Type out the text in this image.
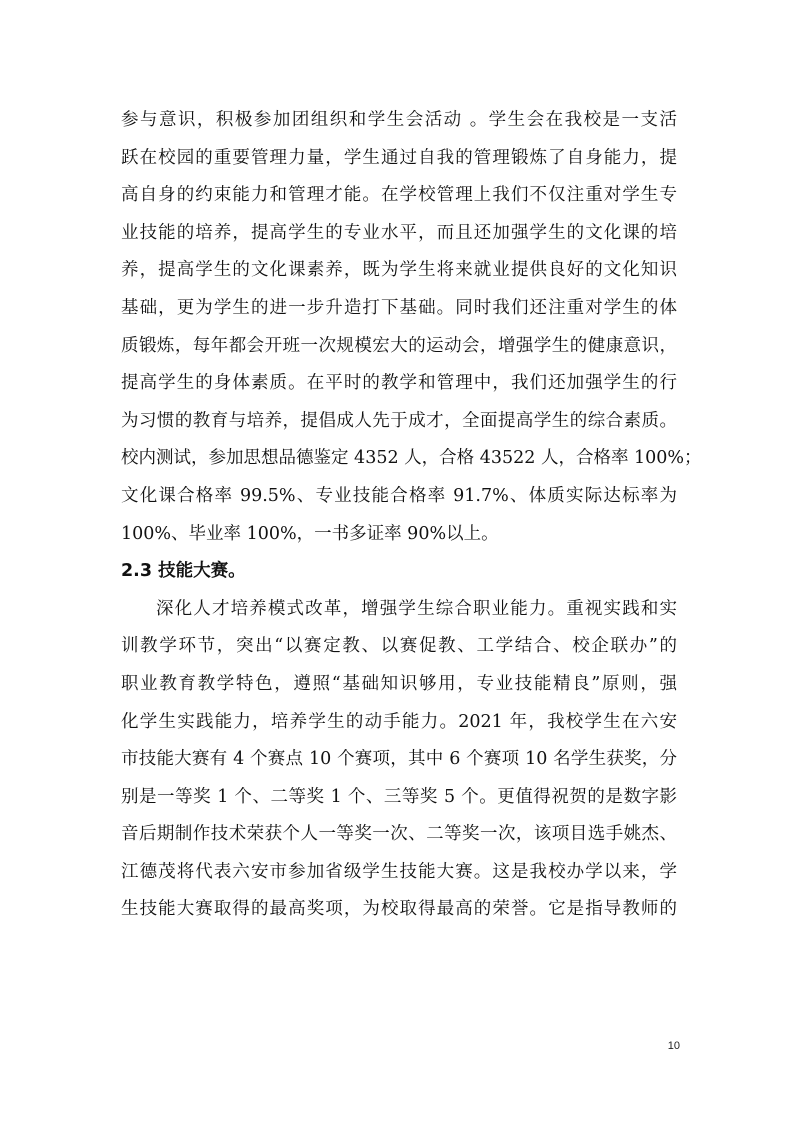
参与意识，积极参加团组织和学生会活动 。学生会在我校是一支活
跃在校园的重要管理力量，学生通过自我的管理锻炼了自身能力，提
高自身的约束能力和管理才能。在学校管理上我们不仅注重对学生专
业技能的培养，提高学生的专业水平，而且还加强学生的文化课的培
养，提高学生的文化课素养，既为学生将来就业提供良好的文化知识
基础，更为学生的进一步升造打下基础。同时我们还注重对学生的体
质锻炼，每年都会开班一次规模宏大的运动会，增强学生的健康意识，
提高学生的身体素质。在平时的教学和管理中，我们还加强学生的行
为习惯的教育与培养，提倡成人先于成才，全面提高学生的综合素质。
校内测试，参加思想品德鉴定 4352 人，合格 43522 人，合格率 100%；
文化课合格率 99.5%、专业技能合格率 91.7%、体质实际达标率为
100%、毕业率 100%，一书多证率 90%以上。
2.3 技能大赛。
深化人才培养模式改革，增强学生综合职业能力。重视实践和实
训教学环节，突出“以赛定教、以赛促教、工学结合、校企联办”的
职业教育教学特色，遵照“基础知识够用，专业技能精良”原则，强
化学生实践能力，培养学生的动手能力。2021 年，我校学生在六安
市技能大赛有 4 个赛点 10 个赛项，其中 6 个赛项 10 名学生获奖，分
别是一等奖 1 个、二等奖 1 个、三等奖 5 个。更值得祝贺的是数字影
音后期制作技术荣获个人一等奖一次、二等奖一次，该项目选手姚杰、
江德茂将代表六安市参加省级学生技能大赛。这是我校办学以来，学
生技能大赛取得的最高奖项，为校取得最高的荣誉。它是指导教师的
10
